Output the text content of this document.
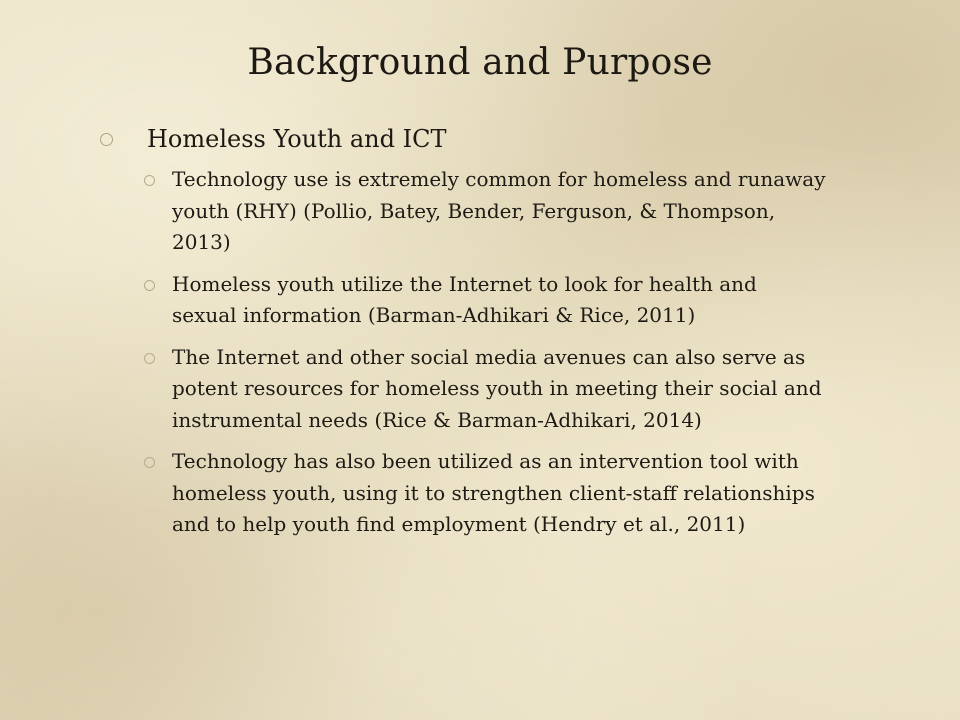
Background and Purpose
Homeless Youth and ICT
Technology use is extremely common for homeless and runaway youth (RHY) (Pollio, Batey, Bender, Ferguson, & Thompson, 2013)
Homeless youth utilize the Internet to look for health and sexual information (Barman-Adhikari & Rice, 2011)
The Internet and other social media avenues can also serve as potent resources for homeless youth in meeting their social and instrumental needs (Rice & Barman-Adhikari, 2014)
Technology has also been utilized as an intervention tool with homeless youth, using it to strengthen client-staff relationships and to help youth find employment (Hendry et al., 2011)
